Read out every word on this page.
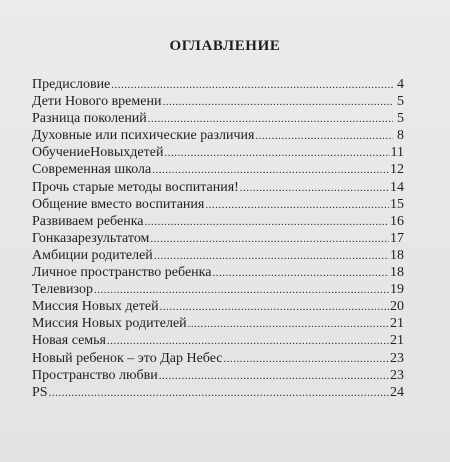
ОГЛАВЛЕНИЕ
Предисловие .....	4
Дети Нового времени .....	5
Разница поколений .....	5
Духовные или психические различия .....	8
ОбучениеНовыхдетей .....	11
Современная школа .....	12
Прочь старые методы воспитания! .....	14
Общение вместо воспитания .....	15
Развиваем ребенка .....	16
Гонказарезультатом .....	17
Амбиции родителей .....	18
Личное пространство ребенка .....	18
Телевизор .....	19
Миссия Новых детей .....	20
Миссия Новых родителей .....	21
Новая семья .....	21
Новый ребенок – это Дар Небес .....	23
Пространство любви .....	23
PS .....	24
